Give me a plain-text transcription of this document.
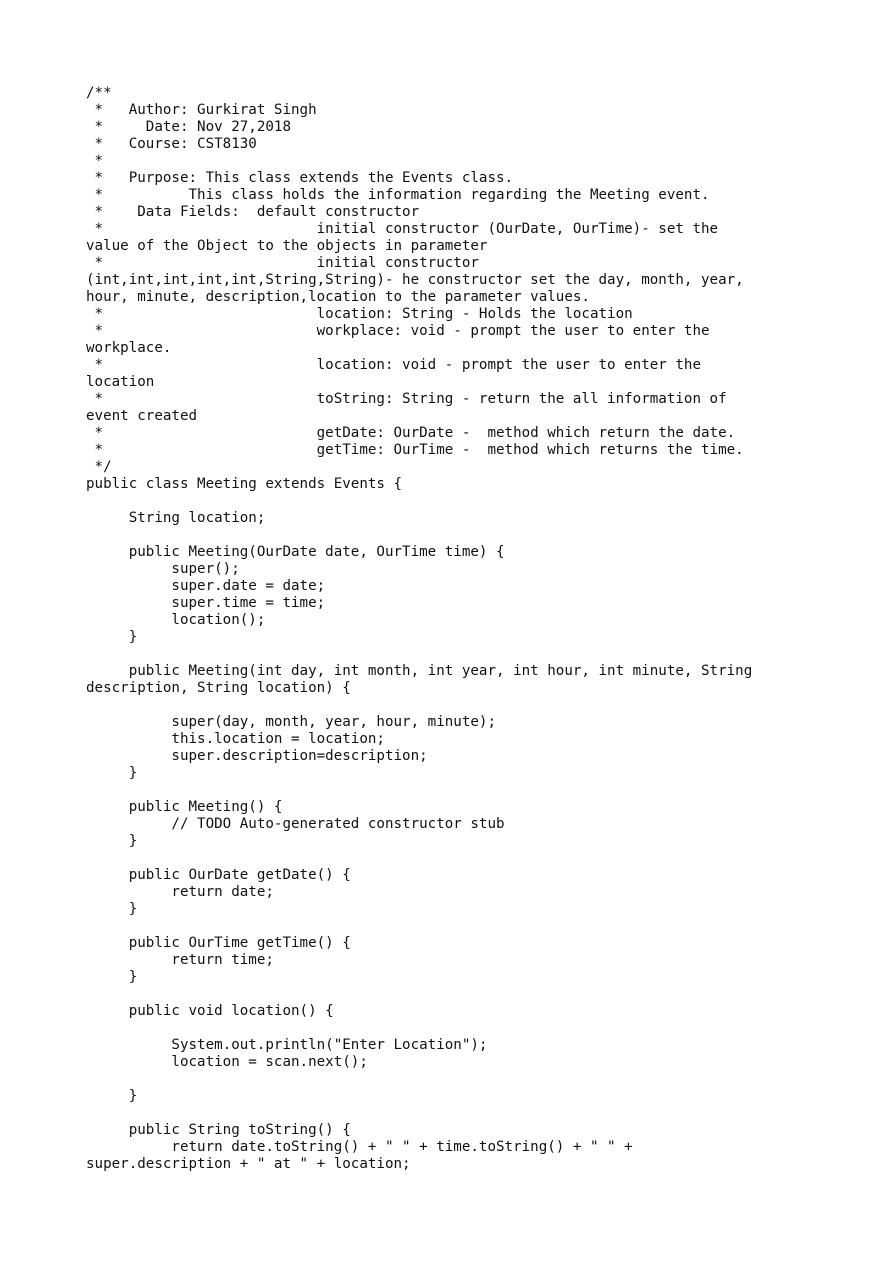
/**
*   Author: Gurkirat Singh
*     Date: Nov 27,2018
*   Course: CST8130
*
*   Purpose: This class extends the Events class.
*          This class holds the information regarding the Meeting event.
*    Data Fields:  default constructor
*                         initial constructor (OurDate, OurTime)- set the
value of the Object to the objects in parameter
*                         initial constructor
(int,int,int,int,int,String,String)- he constructor set the day, month, year,
hour, minute, description,location to the parameter values.
*                         location: String - Holds the location
*                         workplace: void - prompt the user to enter the
workplace.
*                         location: void - prompt the user to enter the
location
*                         toString: String - return the all information of
event created
*                         getDate: OurDate -  method which return the date.
*                         getTime: OurTime -  method which returns the time.
*/
public class Meeting extends Events {
String location;
public Meeting(OurDate date, OurTime time) {
super();
super.date = date;
super.time = time;
location();
}
public Meeting(int day, int month, int year, int hour, int minute, String
description, String location) {
super(day, month, year, hour, minute);
this.location = location;
super.description=description;
}
public Meeting() {
// TODO Auto-generated constructor stub
}
public OurDate getDate() {
return date;
}
public OurTime getTime() {
return time;
}
public void location() {
System.out.println("Enter Location");
location = scan.next();
}
public String toString() {
return date.toString() + " " + time.toString() + " " +
super.description + " at " + location;
